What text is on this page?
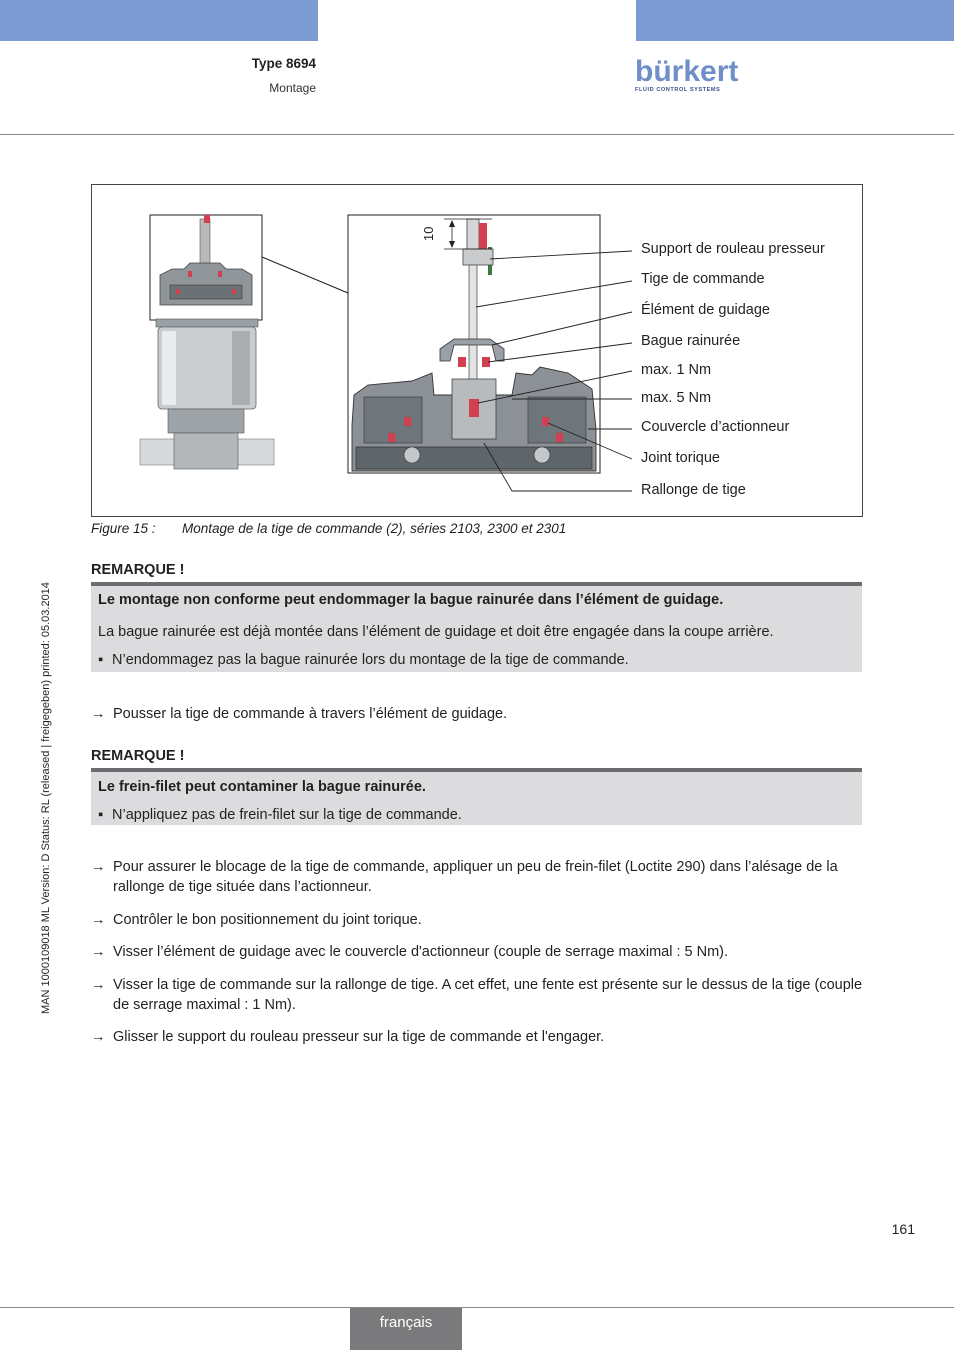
Type 8694
Montage	bürkert
FLUID CONTROL SYSTEMS
10
Support de rouleau presseur
Tige de commande
Élément de guidage
Bague rainurée
max. 1 Nm
max. 5 Nm
Couvercle d’actionneur
Joint torique
Rallonge de tige
Figure 15 : Montage de la tige de commande (2), séries 2103, 2300 et 2301
MAN 1000109018 ML Version: D Status: RL (released | freigegeben) printed: 05.03.2014
REMARQUE !
Le montage non conforme peut endommager la bague rainurée dans l’élément de guidage.
La bague rainurée est déjà montée dans l’élément de guidage et doit être engagée dans la coupe arrière.
▪ N’endommagez pas la bague rainurée lors du montage de la tige de commande.
→ Pousser la tige de commande à travers l’élément de guidage.
REMARQUE !
Le frein-filet peut contaminer la bague rainurée.
▪ N’appliquez pas de frein-filet sur la tige de commande.
→ Pour assurer le blocage de la tige de commande, appliquer un peu de frein-filet (Loctite 290) dans l’alésage de la rallonge de tige située dans l’actionneur.
→ Contrôler le bon positionnement du joint torique.
→ Visser l’élément de guidage avec le couvercle d'actionneur (couple de serrage maximal : 5 Nm).
→ Visser la tige de commande sur la rallonge de tige. A cet effet, une fente est présente sur le dessus de la tige (couple de serrage maximal : 1 Nm).
→ Glisser le support du rouleau presseur sur la tige de commande et l'engager.
161
français
